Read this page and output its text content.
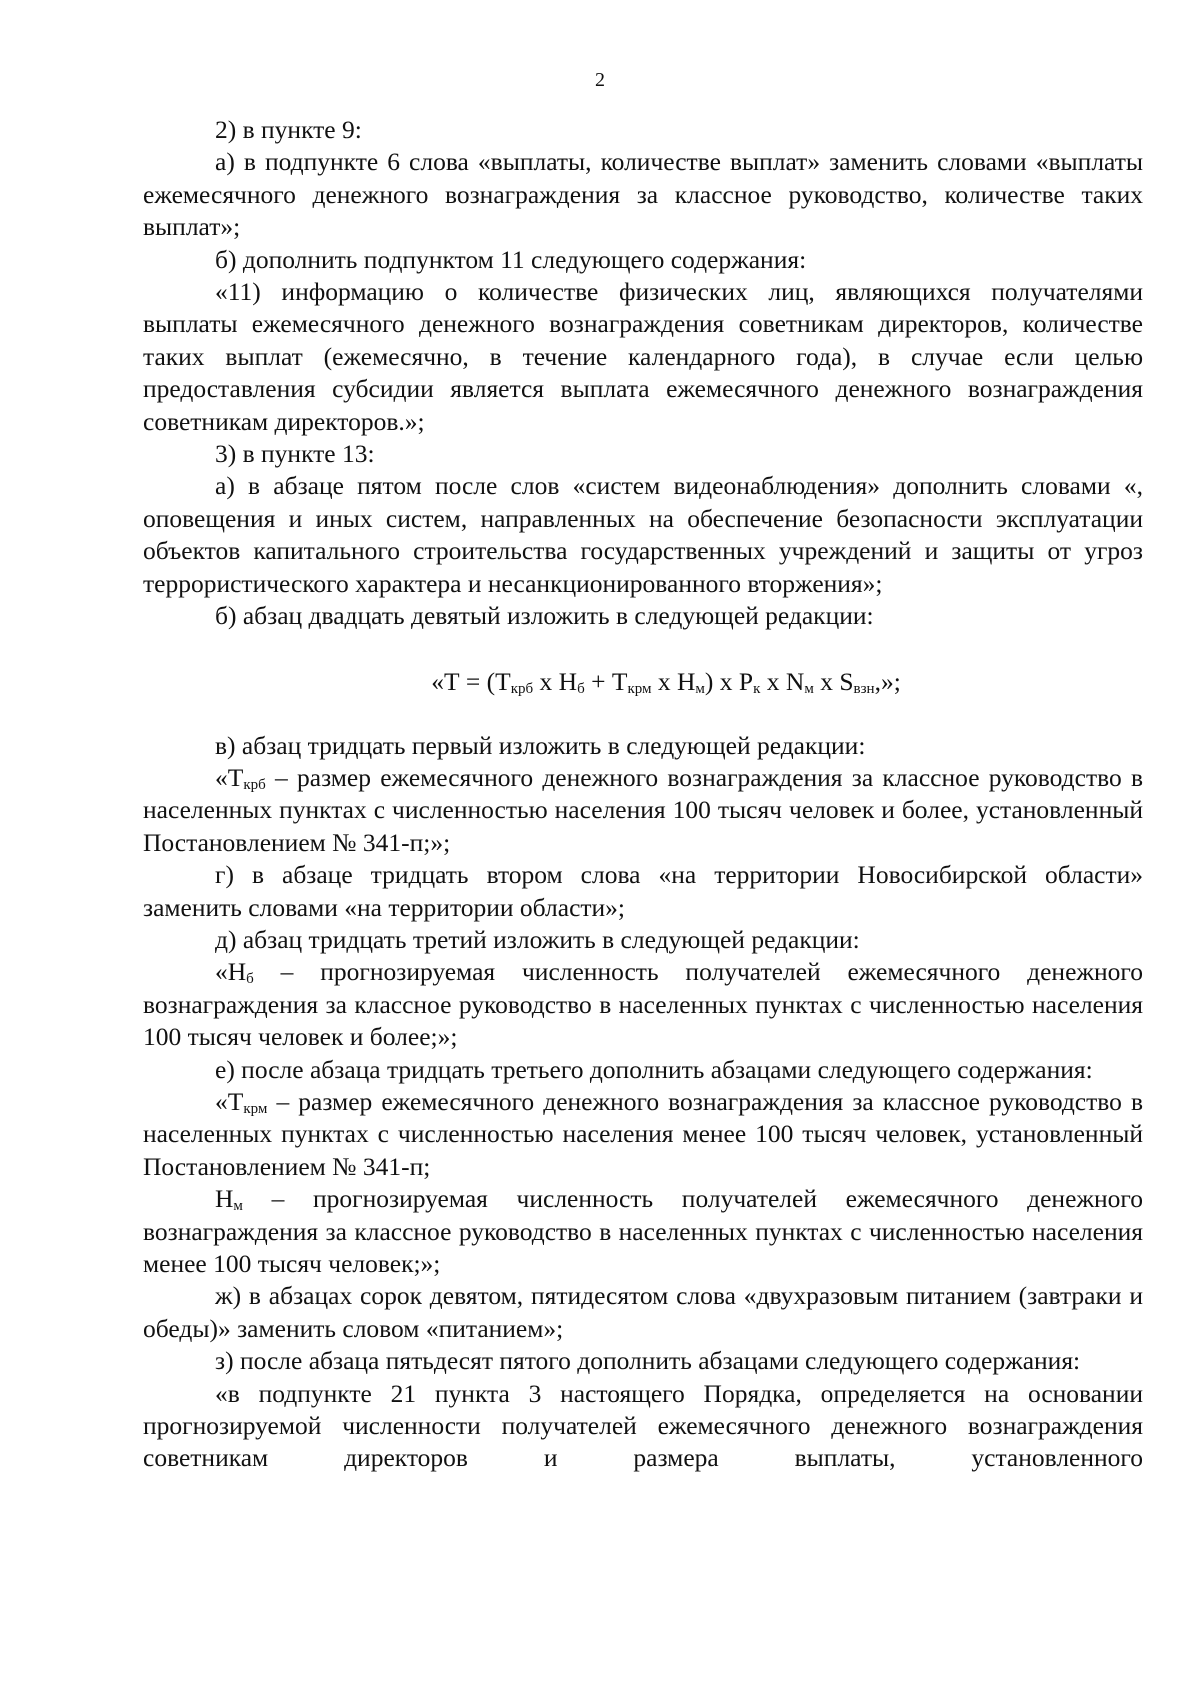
2

2) в пункте 9:

а) в подпункте 6 слова «выплаты, количестве выплат» заменить словами «выплаты ежемесячного денежного вознаграждения за классное руководство, количестве таких выплат»;

б) дополнить подпунктом 11 следующего содержания:

«11) информацию о количестве физических лиц, являющихся получателями выплаты ежемесячного денежного вознаграждения советникам директоров, количестве таких выплат (ежемесячно, в течение календарного года), в случае если целью предоставления субсидии является выплата ежемесячного денежного вознаграждения советникам директоров.»;

3) в пункте 13:

а) в абзаце пятом после слов «систем видеонаблюдения» дополнить словами «, оповещения и иных систем, направленных на обеспечение безопасности эксплуатации объектов капитального строительства государственных учреждений и защиты от угроз террористического характера и несанкционированного вторжения»;

б) абзац двадцать девятый изложить в следующей редакции:

«$Т = (Т_{крб}$ х $Н_б + Т_{крм}$ х $Н_м$) х $Р_к$ х $N_м$ х $S_{взн}$,»;

в) абзац тридцать первый изложить в следующей редакции:

«$Т_{крб}$ – размер ежемесячного денежного вознаграждения за классное руководство в населенных пунктах с численностью населения 100 тысяч человек и более, установленный Постановлением № 341-п;»;

г) в абзаце тридцать втором слова «на территории Новосибирской области» заменить словами «на территории области»;

д) абзац тридцать третий изложить в следующей редакции:

«$Н_б$ – прогнозируемая численность получателей ежемесячного денежного вознаграждения за классное руководство в населенных пунктах с численностью населения 100 тысяч человек и более;»;

е) после абзаца тридцать третьего дополнить абзацами следующего содержания:

«$Т_{крм}$ – размер ежемесячного денежного вознаграждения за классное руководство в населенных пунктах с численностью населения менее 100 тысяч человек, установленный Постановлением № 341-п;

$Н_м$ – прогнозируемая численность получателей ежемесячного денежного вознаграждения за классное руководство в населенных пунктах с численностью населения менее 100 тысяч человек;»;

ж) в абзацах сорок девятом, пятидесятом слова «двухразовым питанием (завтраки и обеды)» заменить словом «питанием»;

з) после абзаца пятьдесят пятого дополнить абзацами следующего содержания:

«в подпункте 21 пункта 3 настоящего Порядка, определяется на основании прогнозируемой численности получателей ежемесячного денежного вознаграждения советникам директоров и размера выплаты, установленного
